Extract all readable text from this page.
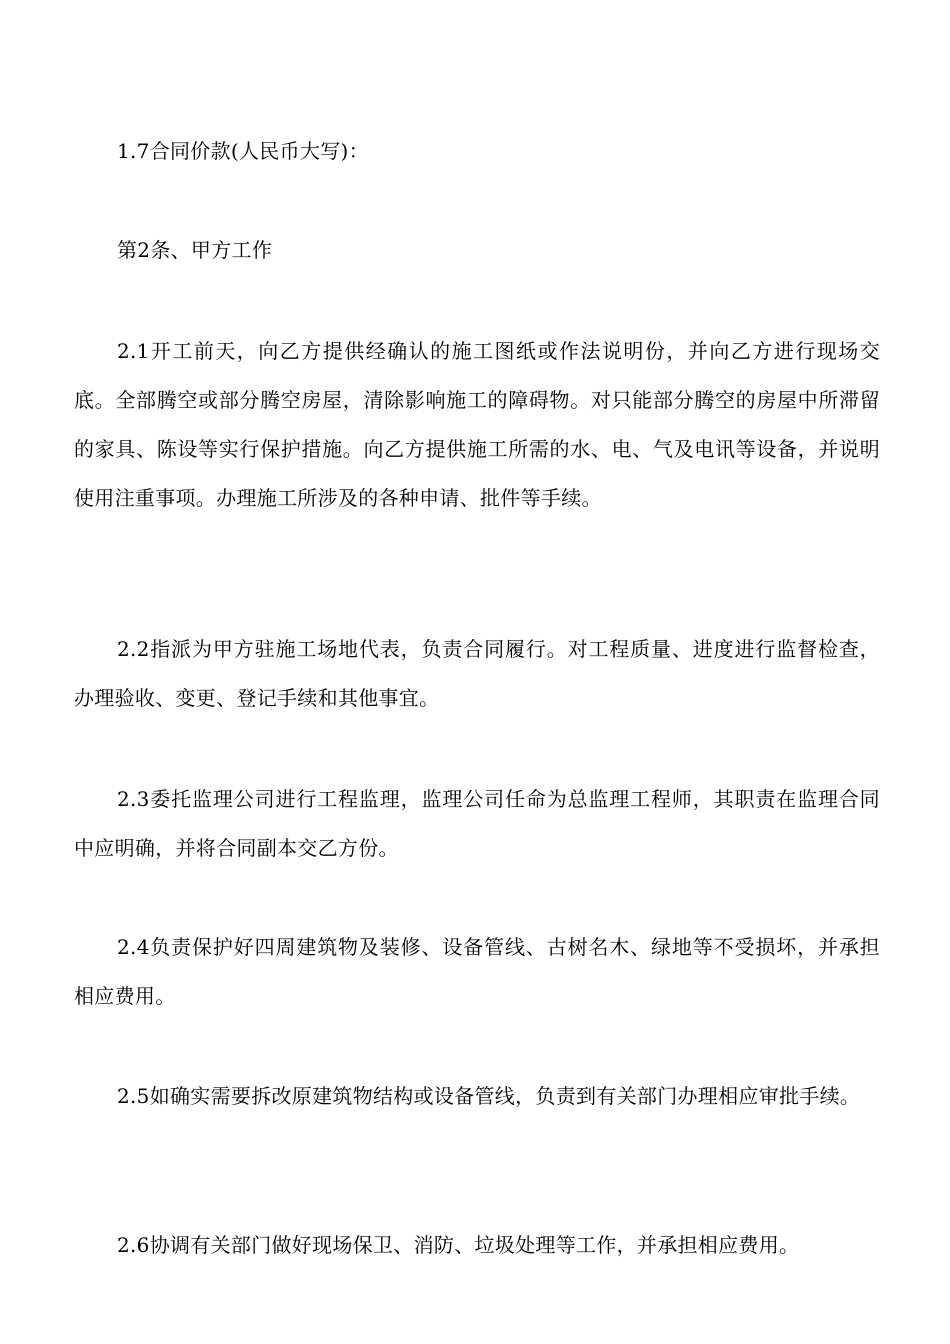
1.7合同价款(人民币大写)：

第2条、甲方工作

2.1开工前天，向乙方提供经确认的施工图纸或作法说明份，并向乙方进行现场交底。全部腾空或部分腾空房屋，清除影响施工的障碍物。对只能部分腾空的房屋中所滞留的家具、陈设等实行保护措施。向乙方提供施工所需的水、电、气及电讯等设备，并说明使用注重事项。办理施工所涉及的各种申请、批件等手续。

2.2指派为甲方驻施工场地代表，负责合同履行。对工程质量、进度进行监督检查，办理验收、变更、登记手续和其他事宜。

2.3委托监理公司进行工程监理，监理公司任命为总监理工程师，其职责在监理合同中应明确，并将合同副本交乙方份。

2.4负责保护好四周建筑物及装修、设备管线、古树名木、绿地等不受损坏，并承担相应费用。

2.5如确实需要拆改原建筑物结构或设备管线，负责到有关部门办理相应审批手续。

2.6协调有关部门做好现场保卫、消防、垃圾处理等工作，并承担相应费用。
